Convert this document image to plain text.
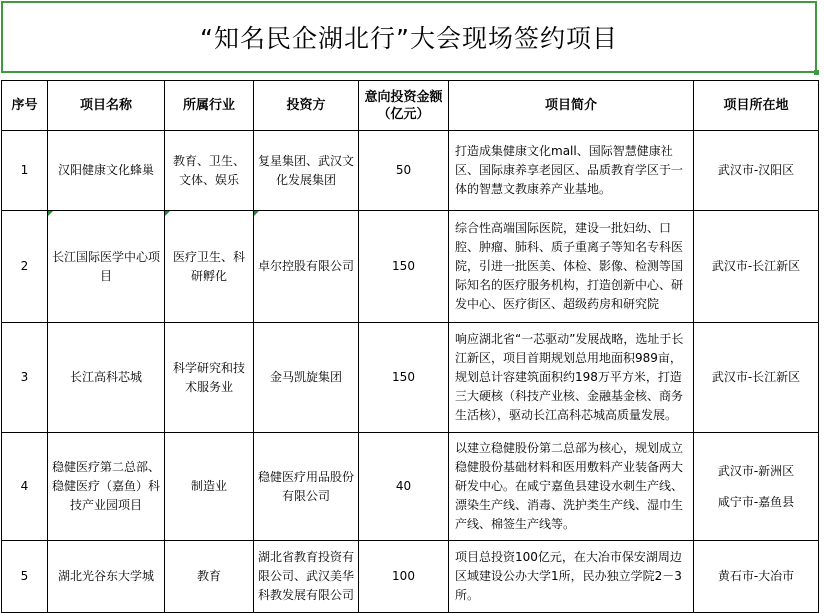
“知名民企湖北行”大会现场签约项目
序号	项目名称	所属行业	投资方	意向投资金额（亿元）	项目简介	项目所在地
1	汉阳健康文化蜂巢	教育、卫生、文体、娱乐	复星集团、武汉文化发展集团	50	打造成集健康文化mall、国际智慧健康社区、国际康养享老园区、品质教育学区于一体的智慧文教康养产业基地。	武汉市-汉阳区

2	长江国际医学中心项目	医疗卫生、科研孵化	卓尔控股有限公司	150	综合性高端国际医院，建设一批妇幼、口腔、肿瘤、肺科、质子重离子等知名专科医院，引进一批医美、体检、影像、检测等国际知名的医疗服务机构，打造创新中心、研发中心、医疗街区、超级药房和研究院	武汉市-长江新区

3	长江高科芯城	科学研究和技术服务业	金马凯旋集团	150	响应湖北省“一芯驱动”发展战略，选址于长江新区，项目首期规划总用地面积989亩，规划总计容建筑面积约198万平方米，打造三大硬核（科技产业核、金融基金核、商务生活核），驱动长江高科芯城高质量发展。	武汉市-长江新区

4	稳健医疗第二总部、稳健医疗（嘉鱼）科技产业园项目	制造业	稳健医疗用品股份有限公司	40	以建立稳健股份第二总部为核心，规划成立稳健股份基础材料和医用敷料产业装备两大研发中心。在咸宁嘉鱼县建设水刺生产线、漂染生产线、消毒、洗护类生产线、湿巾生产线、棉签生产线等。	武汉市-新洲区
咸宁市-嘉鱼县

5	湖北光谷东大学城	教育	湖北省教育投资有限公司、武汉美华科教发展有限公司	100	项目总投资100亿元，在大冶市保安湖周边区域建设公办大学1所，民办独立学院2－3所。	黄石市-大冶市
